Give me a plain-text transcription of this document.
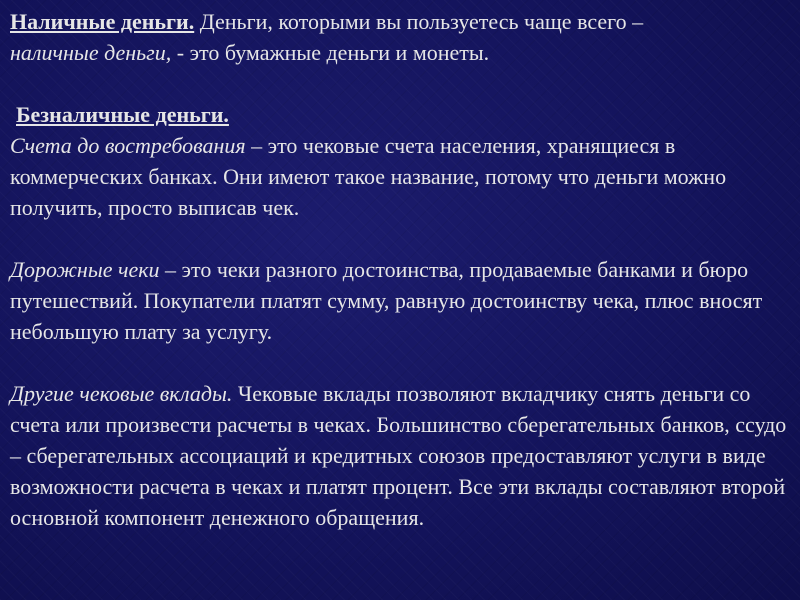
Наличные деньги. Деньги, которыми вы пользуетесь чаще всего –
наличные деньги, - это бумажные деньги и монеты.

Безналичные деньги.

Счета до востребования – это чековые счета населения, хранящиеся в коммерческих банках. Они имеют такое название, потому что деньги можно получить, просто выписав чек.

Дорожные чеки – это чеки разного достоинства, продаваемые банками и бюро путешествий. Покупатели платят сумму, равную достоинству чека, плюс вносят небольшую плату за услугу.

Другие чековые вклады. Чековые вклады позволяют вкладчику снять деньги со счета или произвести расчеты в чеках. Большинство сберегательных банков, ссудо – сберегательных ассоциаций и кредитных союзов предоставляют услуги в виде возможности расчета в чеках и платят процент. Все эти вклады составляют второй основной компонент денежного обращения.
